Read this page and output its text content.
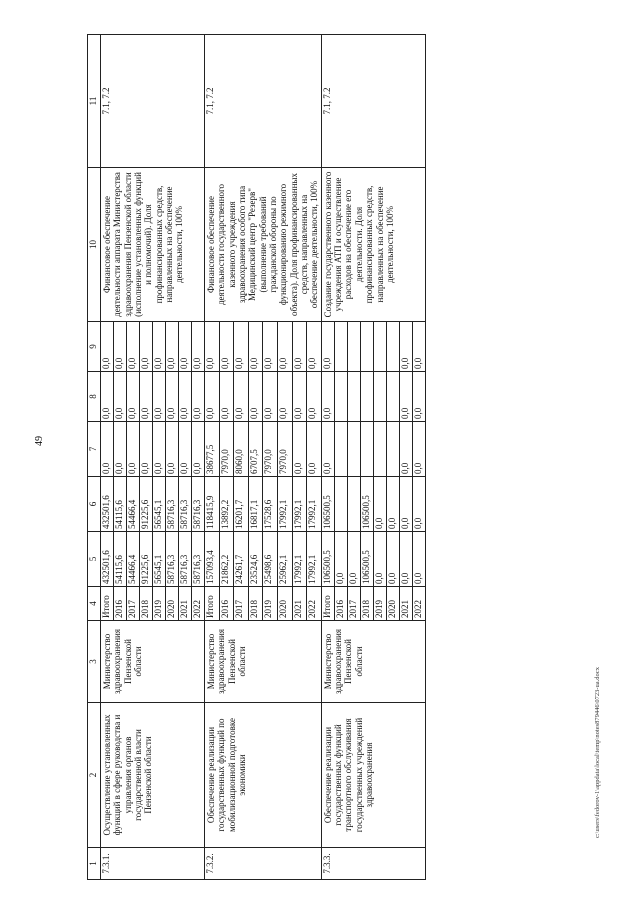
49
c:\users\fedorov-1\appdata\local\temp\notes879446\0723-ua.docx
1	2	3	4	5	6	7	8	9	10	11
7.3.1.	Осуществление установленных функций в сфере руководства и управления органов государственной власти Пензенской области	Министерство здравоохранения Пензенской области	Итого	432501,6	432501,6	0,0	0,0	0,0	Финансовое обеспечение деятельности аппарата Министерства здравоохранения Пензенской области (исполнение установленных функций и полномочий). Доля профинансированных средств, направленных на обеспечение деятельности, 100%	7.1, 7.2
			2016	54115,6	54115,6	0,0	0,0	0,0		
			2017	54466,4	54466,4	0,0	0,0	0,0		
			2018	91225,6	91225,6	0,0	0,0	0,0		
			2019	56545,1	56545,1	0,0	0,0	0,0		
			2020	58716,3	58716,3	0,0	0,0	0,0		
			2021	58716,3	58716,3	0,0	0,0	0,0		
			2022	58716,3	58716,3	0,0	0,0	0,0		
7.3.2.	Обеспечение реализации государственных функций по мобилизационной подготовке экономики	Министерство здравоохранения Пензенской области	Итого	157093,4	118415,9	38677,5	0,0	0,0	Финансовое обеспечение деятельности государственного казенного учреждения здравоохранения особого типа Медицинский центр "Резерв" (выполнение требований гражданской обороны по функционированию режимного объекта). Доля профинансированных средств, направленных на обеспечение деятельности, 100%	7.1, 7.2
			2016	21862,2	13892,2	7970,0	0,0	0,0		
			2017	24261,7	16201,7	8060,0	0,0	0,0		
			2018	23524,6	16817,1	6707,5	0,0	0,0		
			2019	25498,6	17528,6	7970,0	0,0	0,0		
			2020	25962,1	17992,1	7970,0	0,0	0,0		
			2021	17992,1	17992,1	0,0	0,0	0,0		
			2022	17992,1	17992,1	0,0	0,0	0,0		
7.3.3.	Обеспечение реализации государственных функций транспортного обслуживания государственных учреждений здравоохранения	Министерство здравоохранения Пензенской области	Итого	106500,5	106500,5	0,0	0,0	0,0	Создание государственного казенного учреждения АТП и осуществление расходов на обеспечение его деятельности. Доля профинансированных средств, направленных на обеспечение деятельности, 100%	7.1, 7.2
			2016	0,0						
			2017	0,0						
			2018	106500,5	106500,5					
			2019	0,0	0,0					
			2020	0,0	0,0					
			2021	0,0	0,0	0,0	0,0	0,0		
			2022	0,0	0,0	0,0	0,0	0,0		
